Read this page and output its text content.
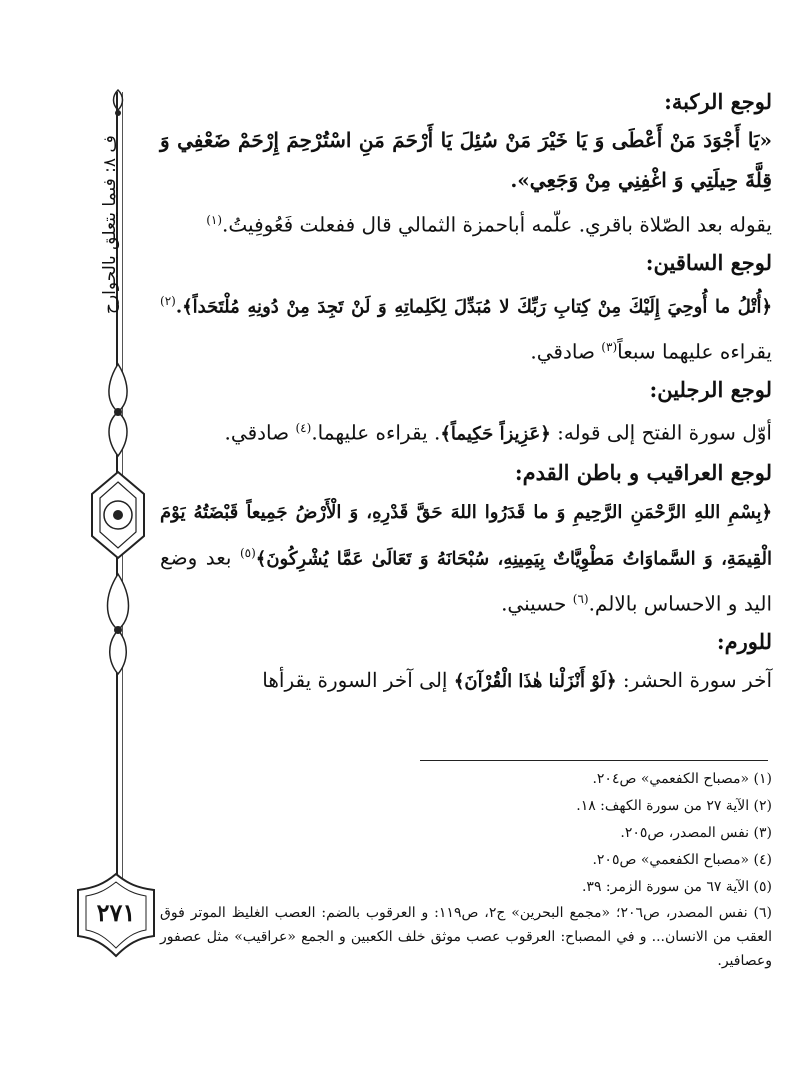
ف ٨: فيما يتعلق بالجوارح
٢٧١

لوجع الركبة:

«يَا أَجْوَدَ مَنْ أَعْطَى وَ يَا خَيْرَ مَنْ سُئِلَ يَا أَرْحَمَ مَنِ اسْتُرْحِمَ إِرْحَمْ ضَعْفِي وَ قِلَّةَ حِيلَتِي وَ اغْفِنِي مِنْ وَجَعِي».

يقوله بعد الصّلاة باقري. علّمه أباحمزة الثمالي قال ففعلت فَعُوفِيتُ.$^{(١)}$

لوجع الساقين:

﴿أُتْلُ ما أُوحِيَ إِلَيْكَ مِنْ كِتابِ رَبِّكَ لا مُبَدِّلَ لِكَلِماتِهِ وَ لَنْ تَجِدَ مِنْ دُونِهِ مُلْتَحَداً﴾.$^{(٢)}$ يقراءه عليهما سبعاً$^{(٣)}$ صادقي.

لوجع الرجلين:

أوّل سورة الفتح إلى قوله: ﴿عَزِيزاً حَكِيماً﴾. يقراءه عليهما.$^{(٤)}$ صادقي.

لوجع العراقيب و باطن القدم:

﴿بِسْمِ اللهِ الرَّحْمَنِ الرَّحِيمِ وَ ما قَدَرُوا اللهَ حَقَّ قَدْرِهِ، وَ الْأَرْضُ جَمِيعاً قَبْضَتُهُ يَوْمَ الْقِيمَةِ، وَ السَّماوَاتُ مَطْوِيَّاتٌ بِيَمِينِهِ، سُبْحَانَهُ وَ تَعَالَىٰ عَمَّا يُشْرِكُونَ﴾$^{(٥)}$ بعد وضع اليد و الاحساس بالالم.$^{(٦)}$ حسيني.

للورم:

آخر سورة الحشر: ﴿لَوْ أَنْزَلْنا هٰذَا الْقُرْآنَ﴾ إلى آخر السورة يقرأها

(١) «مصباح الكفعمي» ص٢٠٤.

(٢) الآية ٢٧ من سورة الكهف: ١٨.

(٣) نفس المصدر، ص٢٠٥.

(٤) «مصباح الكفعمي» ص٢٠٥.

(٥) الآية ٦٧ من سورة الزمر: ٣٩.

(٦) نفس المصدر، ص٢٠٦؛ «مجمع البحرين» ج٢، ص١١٩: و العرقوب بالضم: العصب الغليظ الموتر فوق العقب من الانسان... و في المصباح: العرقوب عصب موثق خلف الكعبين و الجمع «عراقيب» مثل عصفور وعصافير.
